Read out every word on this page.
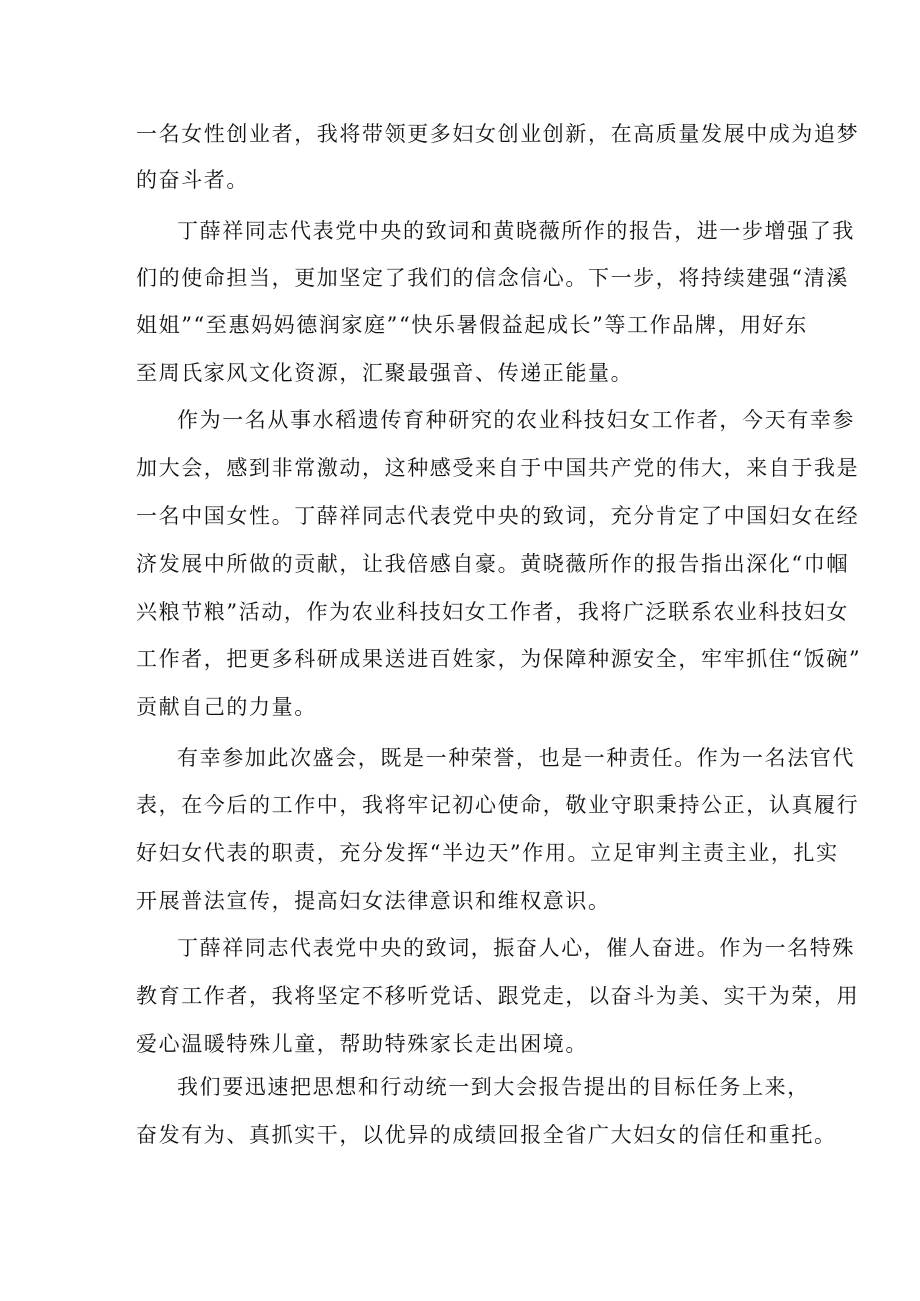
一名女性创业者，我将带领更多妇女创业创新，在高质量发展中成为追梦

的奋斗者。

丁薛祥同志代表党中央的致词和黄晓薇所作的报告，进一步增强了我

们的使命担当，更加坚定了我们的信念信心。下一步，将持续建强“清溪

姐姐”“至惠妈妈德润家庭”“快乐暑假益起成长”等工作品牌，用好东

至周氏家风文化资源，汇聚最强音、传递正能量。

作为一名从事水稻遗传育种研究的农业科技妇女工作者，今天有幸参

加大会，感到非常激动，这种感受来自于中国共产党的伟大，来自于我是

一名中国女性。丁薛祥同志代表党中央的致词，充分肯定了中国妇女在经

济发展中所做的贡献，让我倍感自豪。黄晓薇所作的报告指出深化“巾帼

兴粮节粮”活动，作为农业科技妇女工作者，我将广泛联系农业科技妇女

工作者，把更多科研成果送进百姓家，为保障种源安全，牢牢抓住“饭碗”

贡献自己的力量。

有幸参加此次盛会，既是一种荣誉，也是一种责任。作为一名法官代

表，在今后的工作中，我将牢记初心使命，敬业守职秉持公正，认真履行

好妇女代表的职责，充分发挥“半边天”作用。立足审判主责主业，扎实

开展普法宣传，提高妇女法律意识和维权意识。

丁薛祥同志代表党中央的致词，振奋人心，催人奋进。作为一名特殊

教育工作者，我将坚定不移听党话、跟党走，以奋斗为美、实干为荣，用

爱心温暖特殊儿童，帮助特殊家长走出困境。

我们要迅速把思想和行动统一到大会报告提出的目标任务上来，

奋发有为、真抓实干，以优异的成绩回报全省广大妇女的信任和重托。
